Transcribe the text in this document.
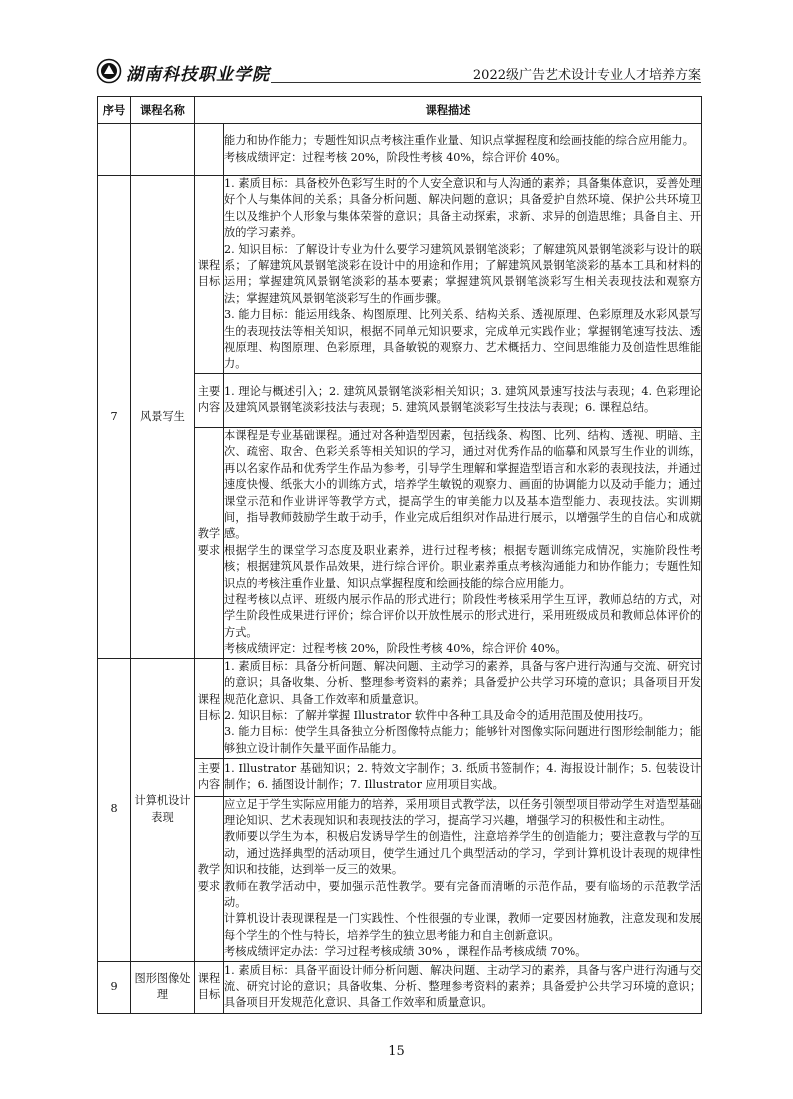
湖南科技职业学院	2022级广告艺术设计专业人才培养方案
序号	课程名称	课程描述	

			能力和协作能力；专题性知识点考核注重作业量、知识点掌握程度和绘画技能的综合应用能力。

考核成绩评定：过程考核 20%，阶段性考核 40%，综合评价 40%。

7	风景写生	课程目标	1. 素质目标：具备校外色彩写生时的个人安全意识和与人沟通的素养；具备集体意识，妥善处理好个人与集体间的关系；具备分析问题、解决问题的意识；具备爱护自然环境、保护公共环境卫生以及维护个人形象与集体荣誉的意识；具备主动探索，求新、求异的创造思维；具备自主、开放的学习素养。

2. 知识目标：了解设计专业为什么要学习建筑风景钢笔淡彩；了解建筑风景钢笔淡彩与设计的联系；了解建筑风景钢笔淡彩在设计中的用途和作用；了解建筑风景钢笔淡彩的基本工具和材料的运用；掌握建筑风景钢笔淡彩的基本要素；掌握建筑风景钢笔淡彩写生相关表现技法和观察方法；掌握建筑风景钢笔淡彩写生的作画步骤。

3. 能力目标：能运用线条、构图原理、比列关系、结构关系、透视原理、色彩原理及水彩风景写生的表现技法等相关知识，根据不同单元知识要求，完成单元实践作业；掌握钢笔速写技法、透视原理、构图原理、色彩原理，具备敏锐的观察力、艺术概括力、空间思维能力及创造性思维能力。

		主要内容	1. 理论与概述引入；2. 建筑风景钢笔淡彩相关知识；3. 建筑风景速写技法与表现；4. 色彩理论及建筑风景钢笔淡彩技法与表现；5. 建筑风景钢笔淡彩写生技法与表现；6. 课程总结。

		教学要求	本课程是专业基础课程。通过对各种造型因素，包括线条、构图、比列、结构、透视、明暗、主次、疏密、取舍、色彩关系等相关知识的学习，通过对优秀作品的临摹和风景写生作业的训练，再以名家作品和优秀学生作品为参考，引导学生理解和掌握造型语言和水彩的表现技法，并通过速度快慢、纸张大小的训练方式，培养学生敏锐的观察力、画面的协调能力以及动手能力；通过课堂示范和作业讲评等教学方式，提高学生的审美能力以及基本造型能力、表现技法。实训期间，指导教师鼓励学生敢于动手，作业完成后组织对作品进行展示，以增强学生的自信心和成就感。

根据学生的课堂学习态度及职业素养，进行过程考核；根据专题训练完成情况，实施阶段性考核；根据建筑风景作品效果，进行综合评价。职业素养重点考核沟通能力和协作能力；专题性知识点的考核注重作业量、知识点掌握程度和绘画技能的综合应用能力。

过程考核以点评、班级内展示作品的形式进行；阶段性考核采用学生互评，教师总结的方式，对学生阶段性成果进行评价；综合评价以开放性展示的形式进行，采用班级成员和教师总体评价的方式。

考核成绩评定：过程考核 20%，阶段性考核 40%，综合评价 40%。

8	计算机设计表现	课程目标	1. 素质目标：具备分析问题、解决问题、主动学习的素养，具备与客户进行沟通与交流、研究讨的意识；具备收集、分析、整理参考资料的素养；具备爱护公共学习环境的意识；具备项目开发规范化意识、具备工作效率和质量意识。

2. 知识目标：了解并掌握 Illustrator 软件中各种工具及命令的适用范围及使用技巧。

3. 能力目标：使学生具备独立分析图像特点能力；能够针对图像实际问题进行图形绘制能力；能够独立设计制作矢量平面作品能力。

		主要内容	1. Illustrator 基础知识；2. 特效文字制作；3. 纸质书签制作；4. 海报设计制作；5. 包装设计制作；6. 插图设计制作；7. Illustrator 应用项目实战。

		教学要求	应立足于学生实际应用能力的培养，采用项目式教学法，以任务引领型项目带动学生对造型基础理论知识、艺术表现知识和表现技法的学习，提高学习兴趣，增强学习的积极性和主动性。

教师要以学生为本，积极启发诱导学生的创造性，注意培养学生的创造能力；要注意教与学的互动，通过选择典型的活动项目，使学生通过几个典型活动的学习，学到计算机设计表现的规律性知识和技能，达到举一反三的效果。

教师在教学活动中，要加强示范性教学。要有完备而清晰的示范作品，要有临场的示范教学活动。

计算机设计表现课程是一门实践性、个性很强的专业课，教师一定要因材施教，注意发现和发展每个学生的个性与特长，培养学生的独立思考能力和自主创新意识。

考核成绩评定办法：学习过程考核成绩 30% ，课程作品考核成绩 70%。

9	图形图像处理	课程目标	1. 素质目标：具备平面设计师分析问题、解决问题、主动学习的素养，具备与客户进行沟通与交流、研究讨论的意识；具备收集、分析、整理参考资料的素养；具备爱护公共学习环境的意识；具备项目开发规范化意识、具备工作效率和质量意识。

15
